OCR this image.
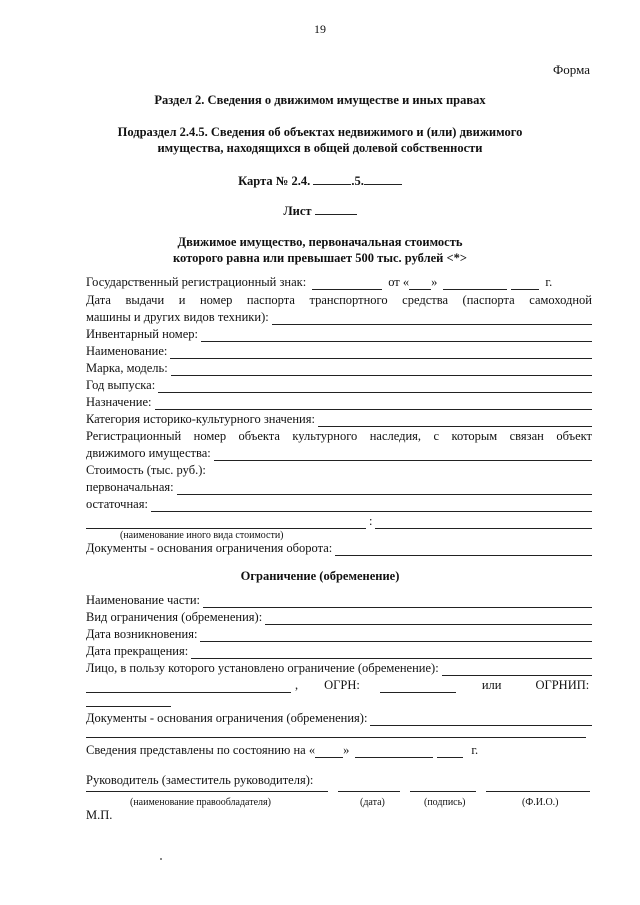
19
Форма
Раздел 2. Сведения о движимом имуществе и иных правах
Подраздел 2.4.5. Сведения об объектах недвижимого и (или) движимого
имущества, находящихся в общей долевой собственности
Карта № 2.4.	.5.
Лист
Движимое имущество, первоначальная стоимость
которого равна или превышает 500 тыс. рублей <*>
Государственный регистрационный знак:	от « »	г.
Дата выдачи и номер паспорта транспортного средства (паспорта самоходной
машины и других видов техники):
Инвентарный номер:
Наименование:
Марка, модель:
Год выпуска:
Назначение:
Категория историко-культурного значения:
Регистрационный номер объекта культурного наследия, с которым связан объект
движимого имущества:
Стоимость (тыс. руб.):
первоначальная:
остаточная:
:
(наименование иного вида стоимости)
Документы - основания ограничения оборота:
Ограничение (обременение)
Наименование части:
Вид ограничения (обременения):
Дата возникновения:
Дата прекращения:
Лицо, в пользу которого установлено ограничение (обременение):
, ОГРН:	или	ОГРНИП:
Документы - основания ограничения (обременения):
Сведения представлены по состоянию на « »	г.
Руководитель (заместитель руководителя):
(наименование правообладателя)	(дата)	(подпись)	(Ф.И.О.)
М.П.
